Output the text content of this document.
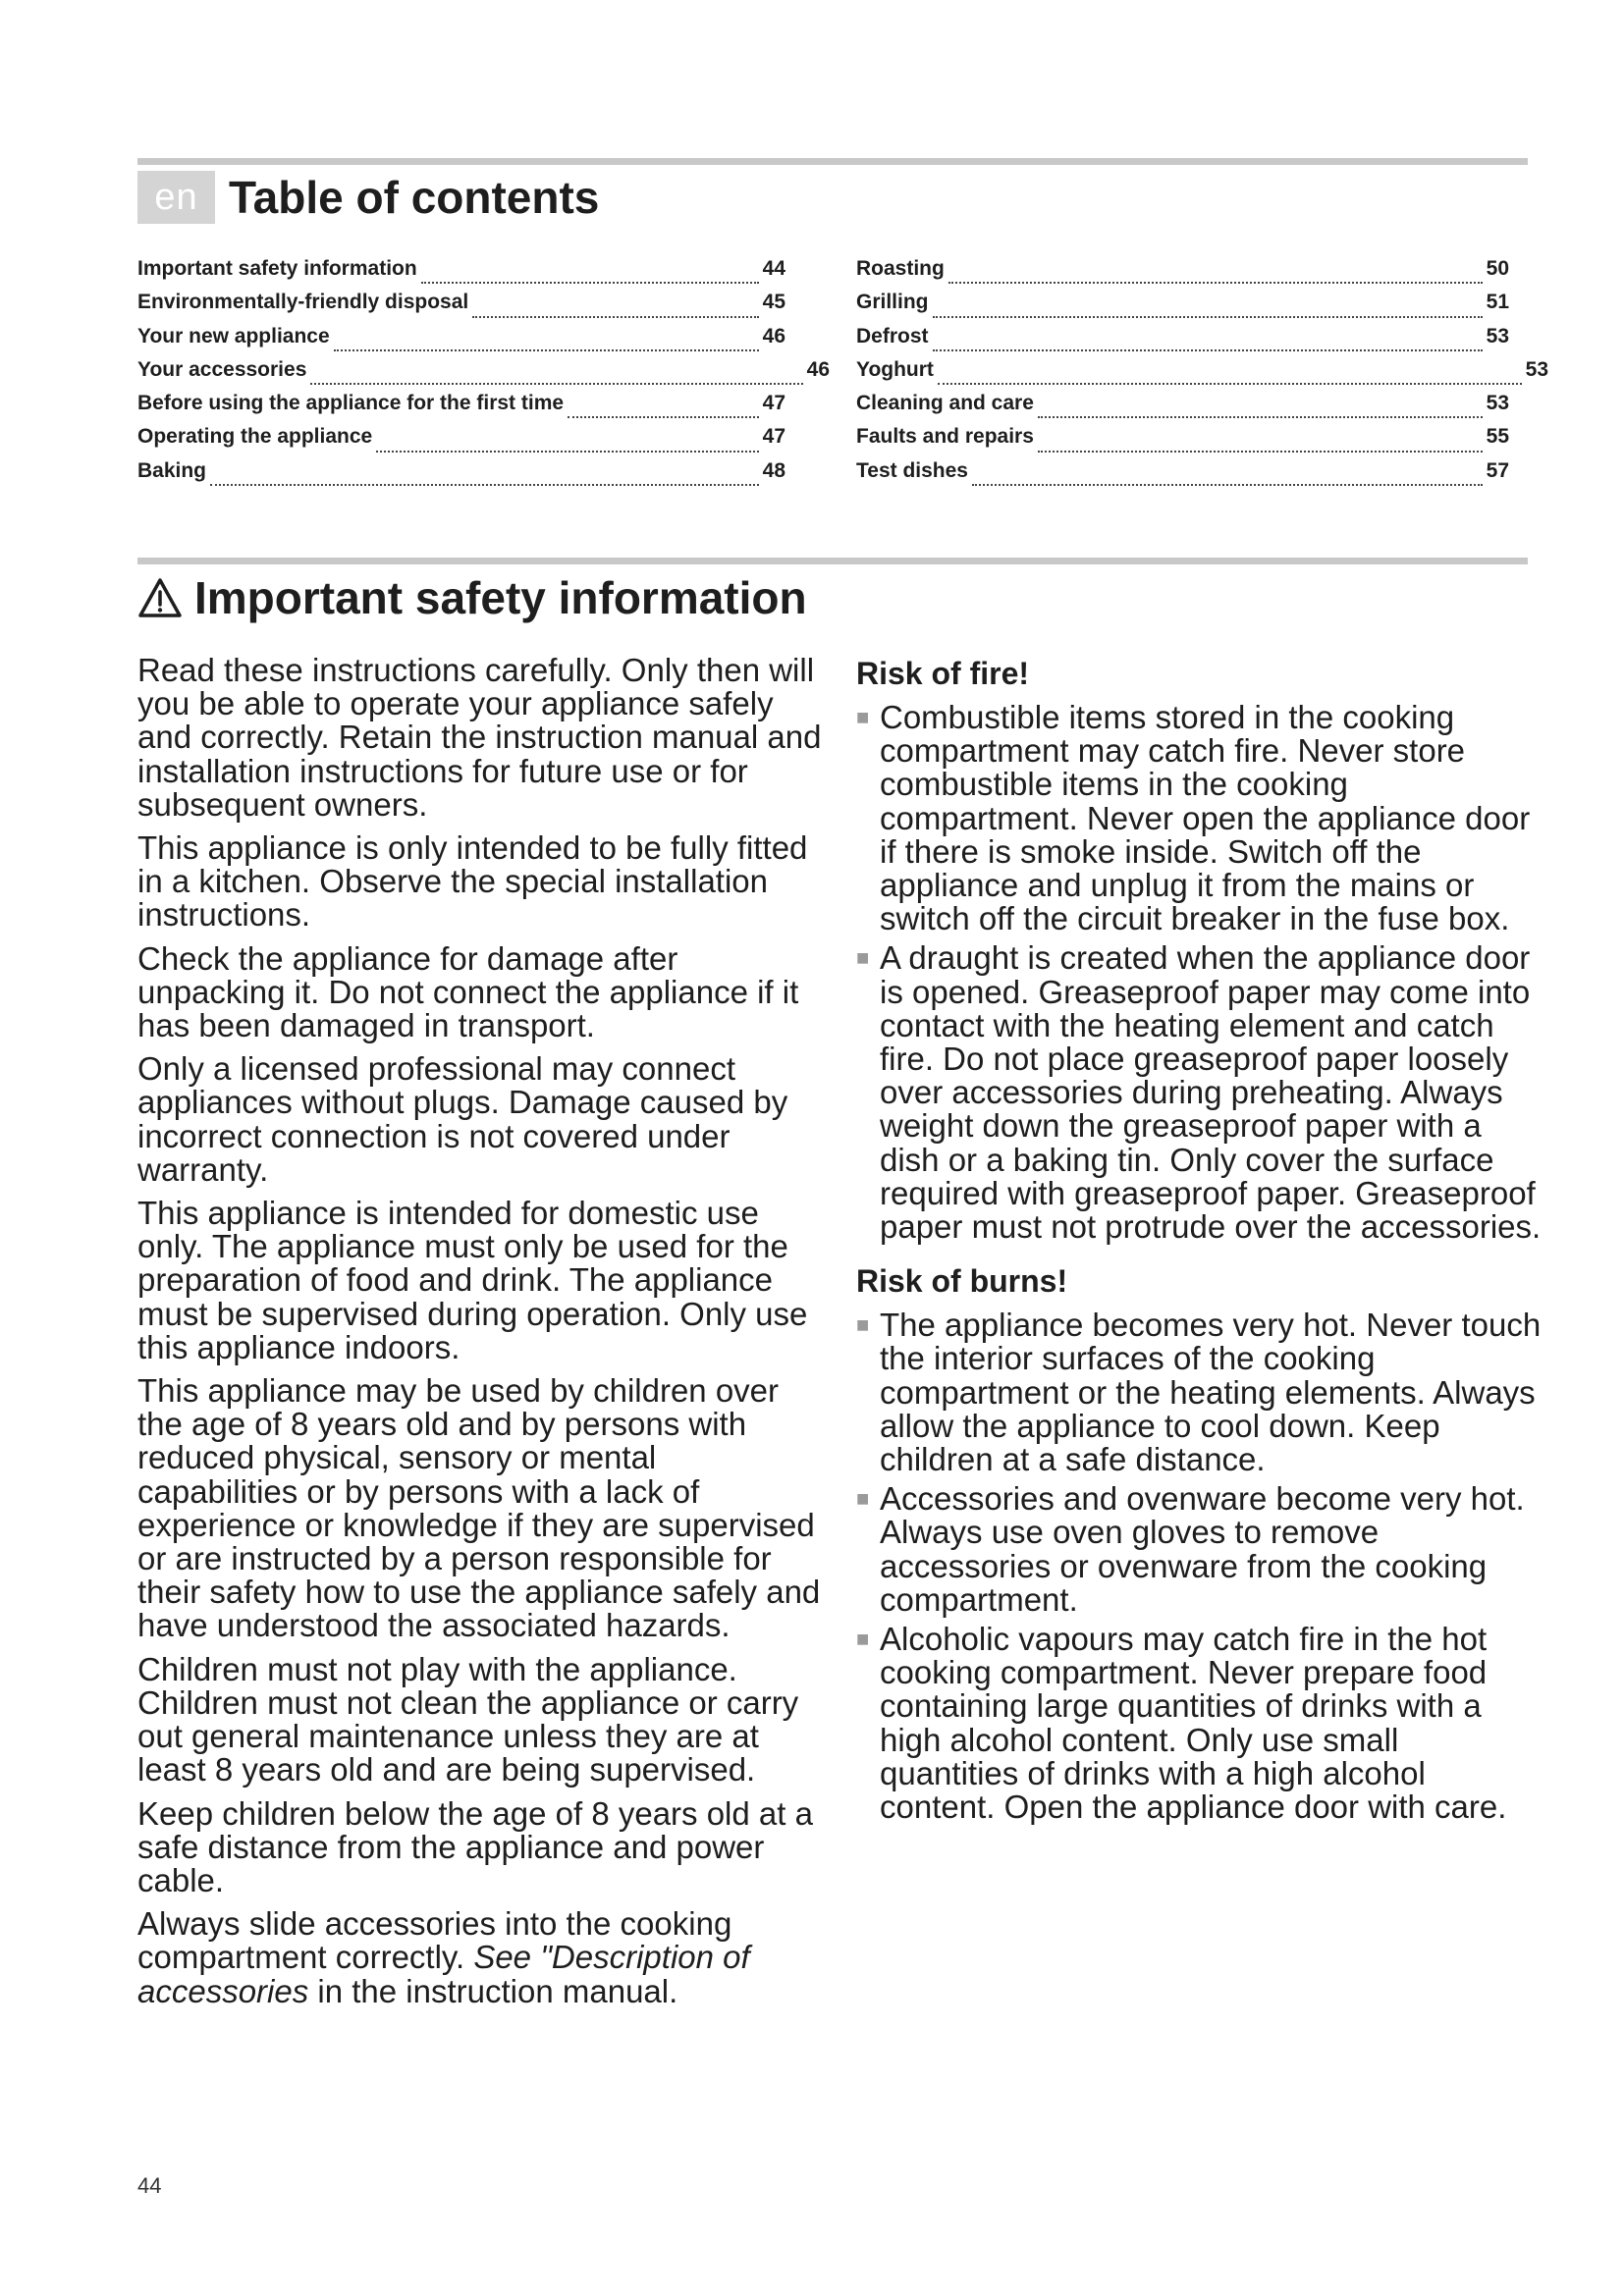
en Table of contents
Important safety information	44
Environmentally-friendly disposal	45
Your new appliance	46
Your accessories	46
Before using the appliance for the first time	47
Operating the appliance	47
Baking	48
Roasting	50
Grilling	51
Defrost	53
Yoghurt	53
Cleaning and care	53
Faults and repairs	55
Test dishes	57
Important safety information

Read these instructions carefully. Only then will you be able to operate your appliance safely and correctly. Retain the instruction manual and installation instructions for future use or for subsequent owners.

This appliance is only intended to be fully fitted in a kitchen. Observe the special installation instructions.

Check the appliance for damage after unpacking it. Do not connect the appliance if it has been damaged in transport.

Only a licensed professional may connect appliances without plugs. Damage caused by incorrect connection is not covered under warranty.

This appliance is intended for domestic use only. The appliance must only be used for the preparation of food and drink. The appliance must be supervised during operation. Only use this appliance indoors.

This appliance may be used by children over the age of 8 years old and by persons with reduced physical, sensory or mental capabilities or by persons with a lack of experience or knowledge if they are supervised or are instructed by a person responsible for their safety how to use the appliance safely and have understood the associated hazards.

Children must not play with the appliance. Children must not clean the appliance or carry out general maintenance unless they are at least 8 years old and are being supervised.

Keep children below the age of 8 years old at a safe distance from the appliance and power cable.

Always slide accessories into the cooking compartment correctly. See "Description of accessories in the instruction manual.

Risk of fire!
■ Combustible items stored in the cooking compartment may catch fire. Never store combustible items in the cooking compartment. Never open the appliance door if there is smoke inside. Switch off the appliance and unplug it from the mains or switch off the circuit breaker in the fuse box.
■ A draught is created when the appliance door is opened. Greaseproof paper may come into contact with the heating element and catch fire. Do not place greaseproof paper loosely over accessories during preheating. Always weight down the greaseproof paper with a dish or a baking tin. Only cover the surface required with greaseproof paper. Greaseproof paper must not protrude over the accessories.
Risk of burns!
■ The appliance becomes very hot. Never touch the interior surfaces of the cooking compartment or the heating elements. Always allow the appliance to cool down. Keep children at a safe distance.
■ Accessories and ovenware become very hot. Always use oven gloves to remove accessories or ovenware from the cooking compartment.
■ Alcoholic vapours may catch fire in the hot cooking compartment. Never prepare food containing large quantities of drinks with a high alcohol content. Only use small quantities of drinks with a high alcohol content. Open the appliance door with care.
44
